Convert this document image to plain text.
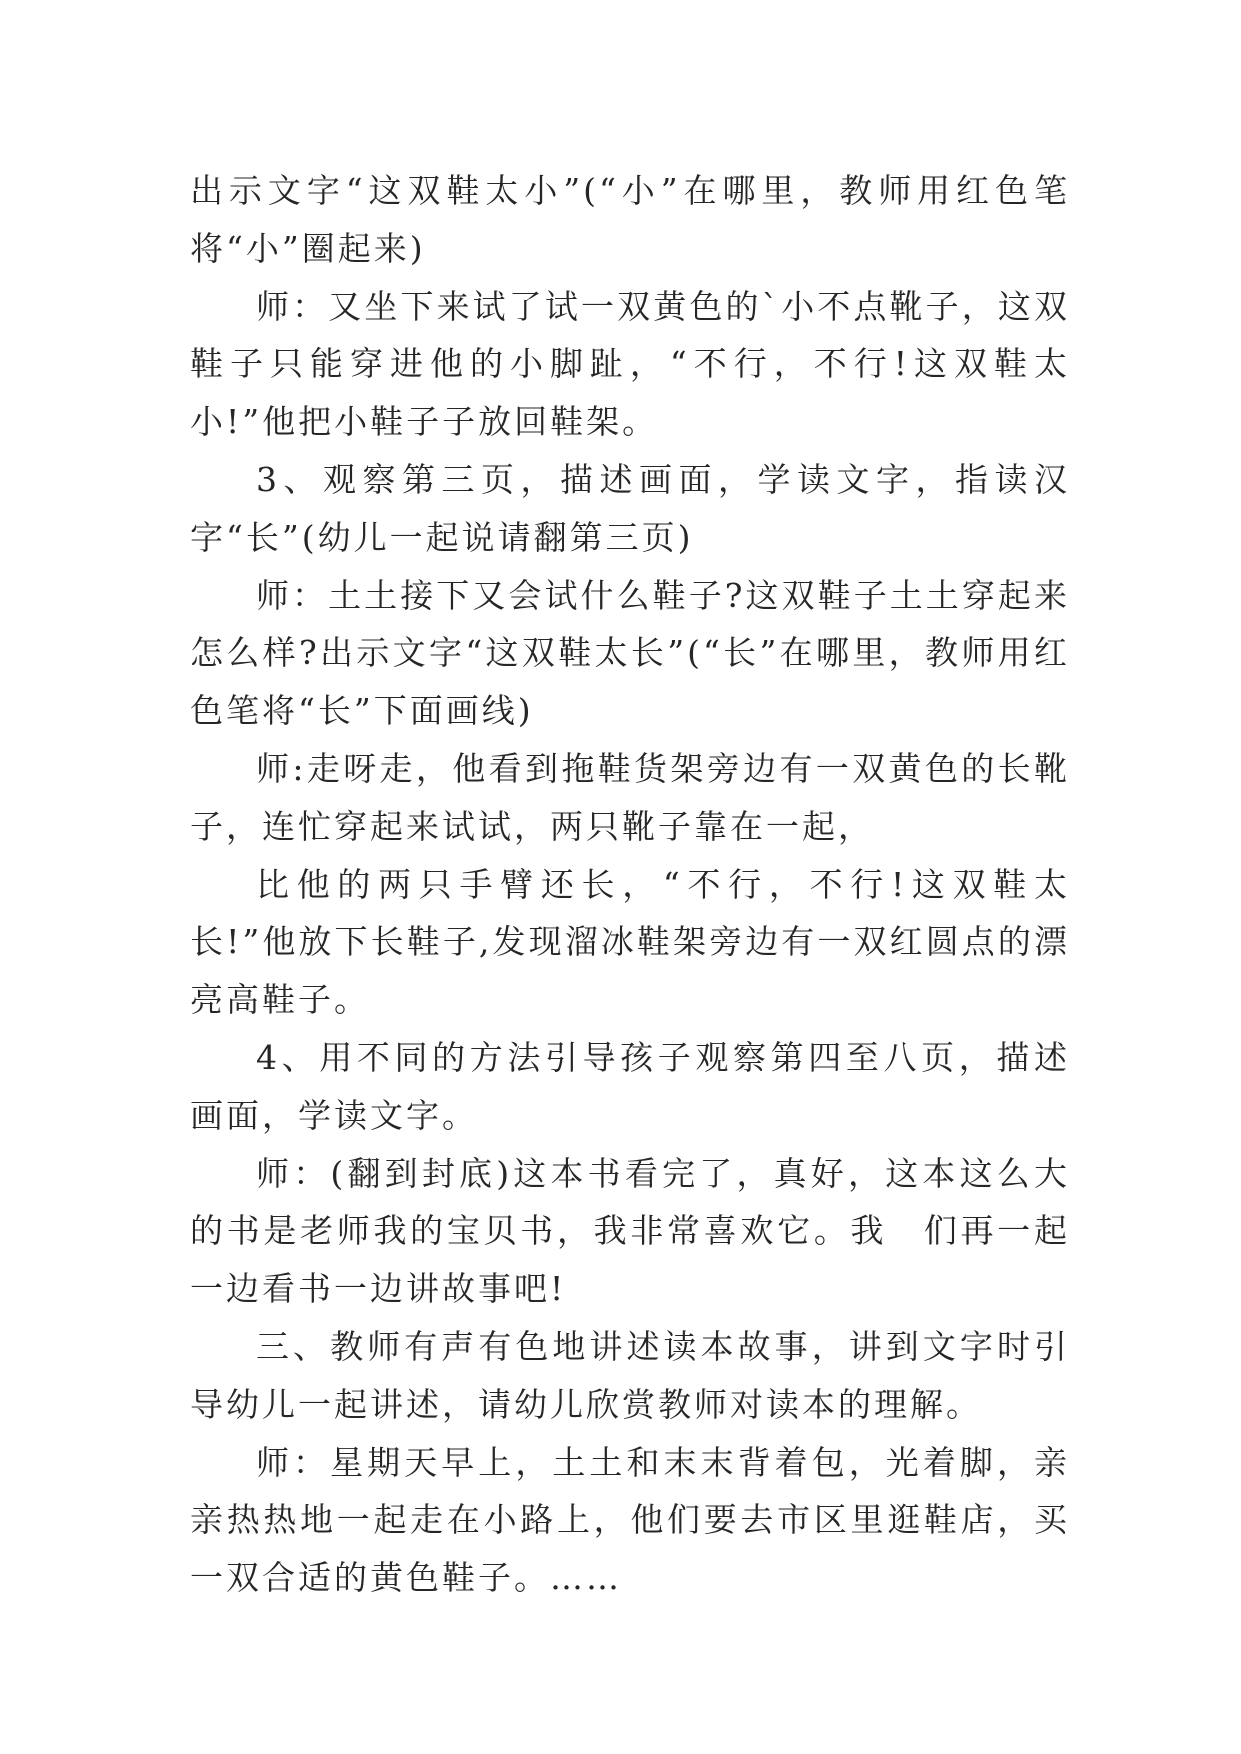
出示文字“这双鞋太小”(“小”在哪里，教师用红色笔将“小”圈起来)

师：又坐下来试了试一双黄色的`小不点靴子，这双鞋子只能穿进他的小脚趾，“不行，不行!这双鞋太小!”他把小鞋子子放回鞋架。

3、观察第三页，描述画面，学读文字，指读汉字“长”(幼儿一起说请翻第三页)

师：土土接下又会试什么鞋子?这双鞋子土土穿起来怎么样?出示文字“这双鞋太长”(“长”在哪里，教师用红色笔将“长”下面画线)

师:走呀走，他看到拖鞋货架旁边有一双黄色的长靴子，连忙穿起来试试，两只靴子靠在一起，

比他的两只手臂还长，“不行，不行!这双鞋太长!”他放下长鞋子,发现溜冰鞋架旁边有一双红圆点的漂亮高鞋子。

4、用不同的方法引导孩子观察第四至八页，描述画面，学读文字。

师：(翻到封底)这本书看完了，真好，这本这么大的书是老师我的宝贝书，我非常喜欢它。我　们再一起一边看书一边讲故事吧!

三、教师有声有色地讲述读本故事，讲到文字时引导幼儿一起讲述，请幼儿欣赏教师对读本的理解。

师：星期天早上，土土和末末背着包，光着脚，亲亲热热地一起走在小路上，他们要去市区里逛鞋店，买一双合适的黄色鞋子。……
